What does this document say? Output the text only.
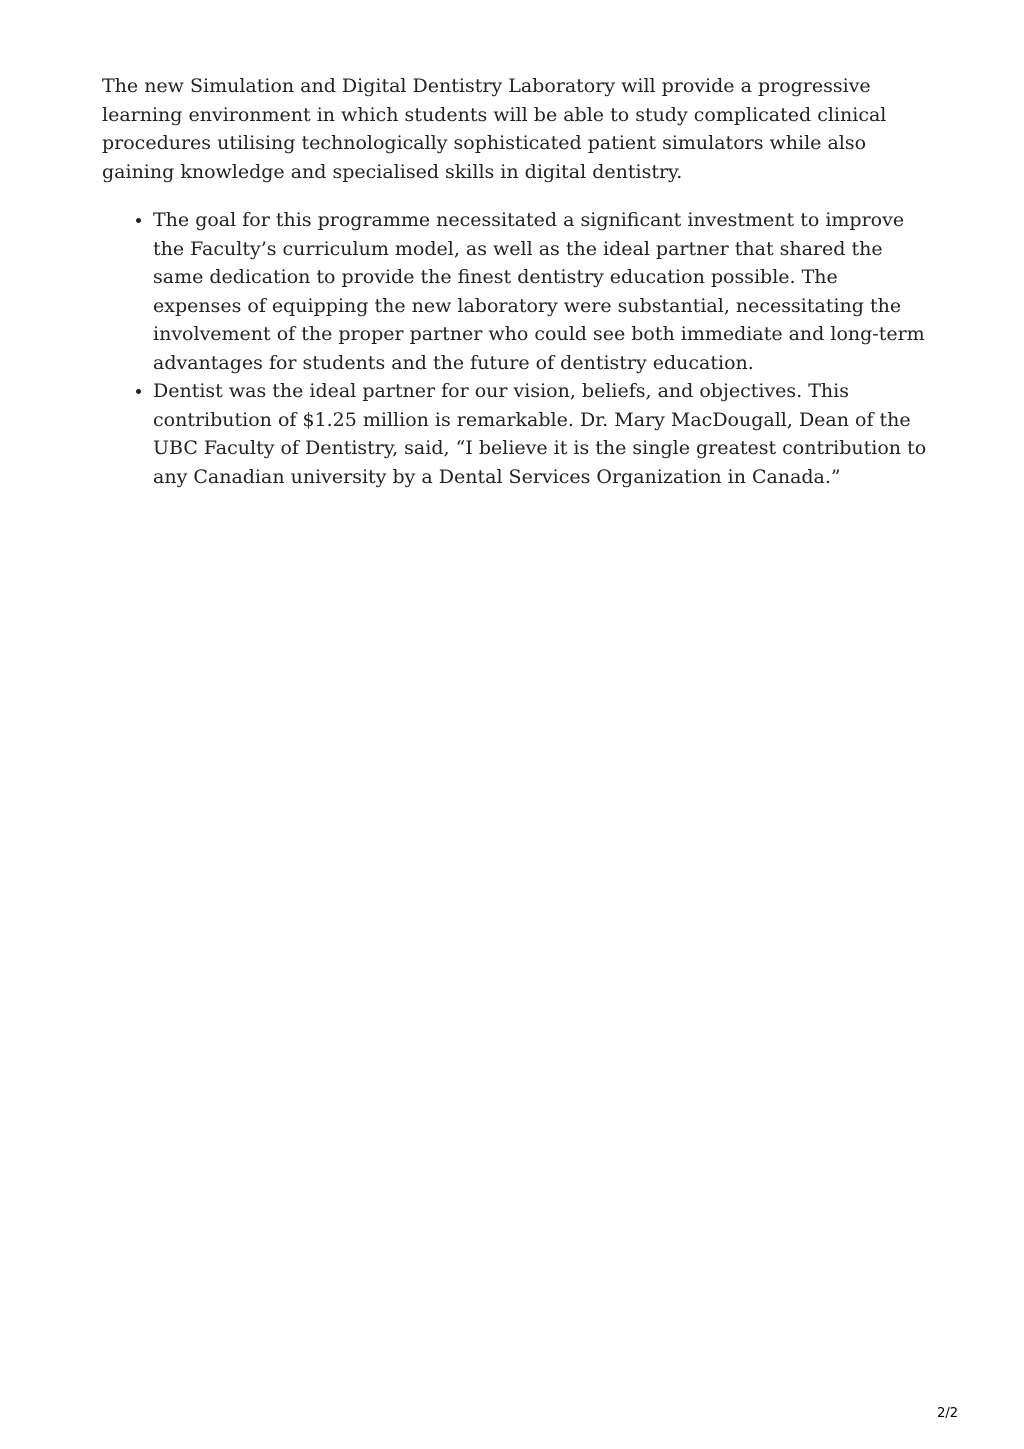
The new Simulation and Digital Dentistry Laboratory will provide a progressive learning environment in which students will be able to study complicated clinical procedures utilising technologically sophisticated patient simulators while also gaining knowledge and specialised skills in digital dentistry.

• The goal for this programme necessitated a significant investment to improve the Faculty’s curriculum model, as well as the ideal partner that shared the same dedication to provide the finest dentistry education possible. The expenses of equipping the new laboratory were substantial, necessitating the involvement of the proper partner who could see both immediate and long-term advantages for students and the future of dentistry education.
• Dentist was the ideal partner for our vision, beliefs, and objectives. This contribution of $1.25 million is remarkable. Dr. Mary MacDougall, Dean of the UBC Faculty of Dentistry, said, “I believe it is the single greatest contribution to any Canadian university by a Dental Services Organization in Canada.”
2/2
